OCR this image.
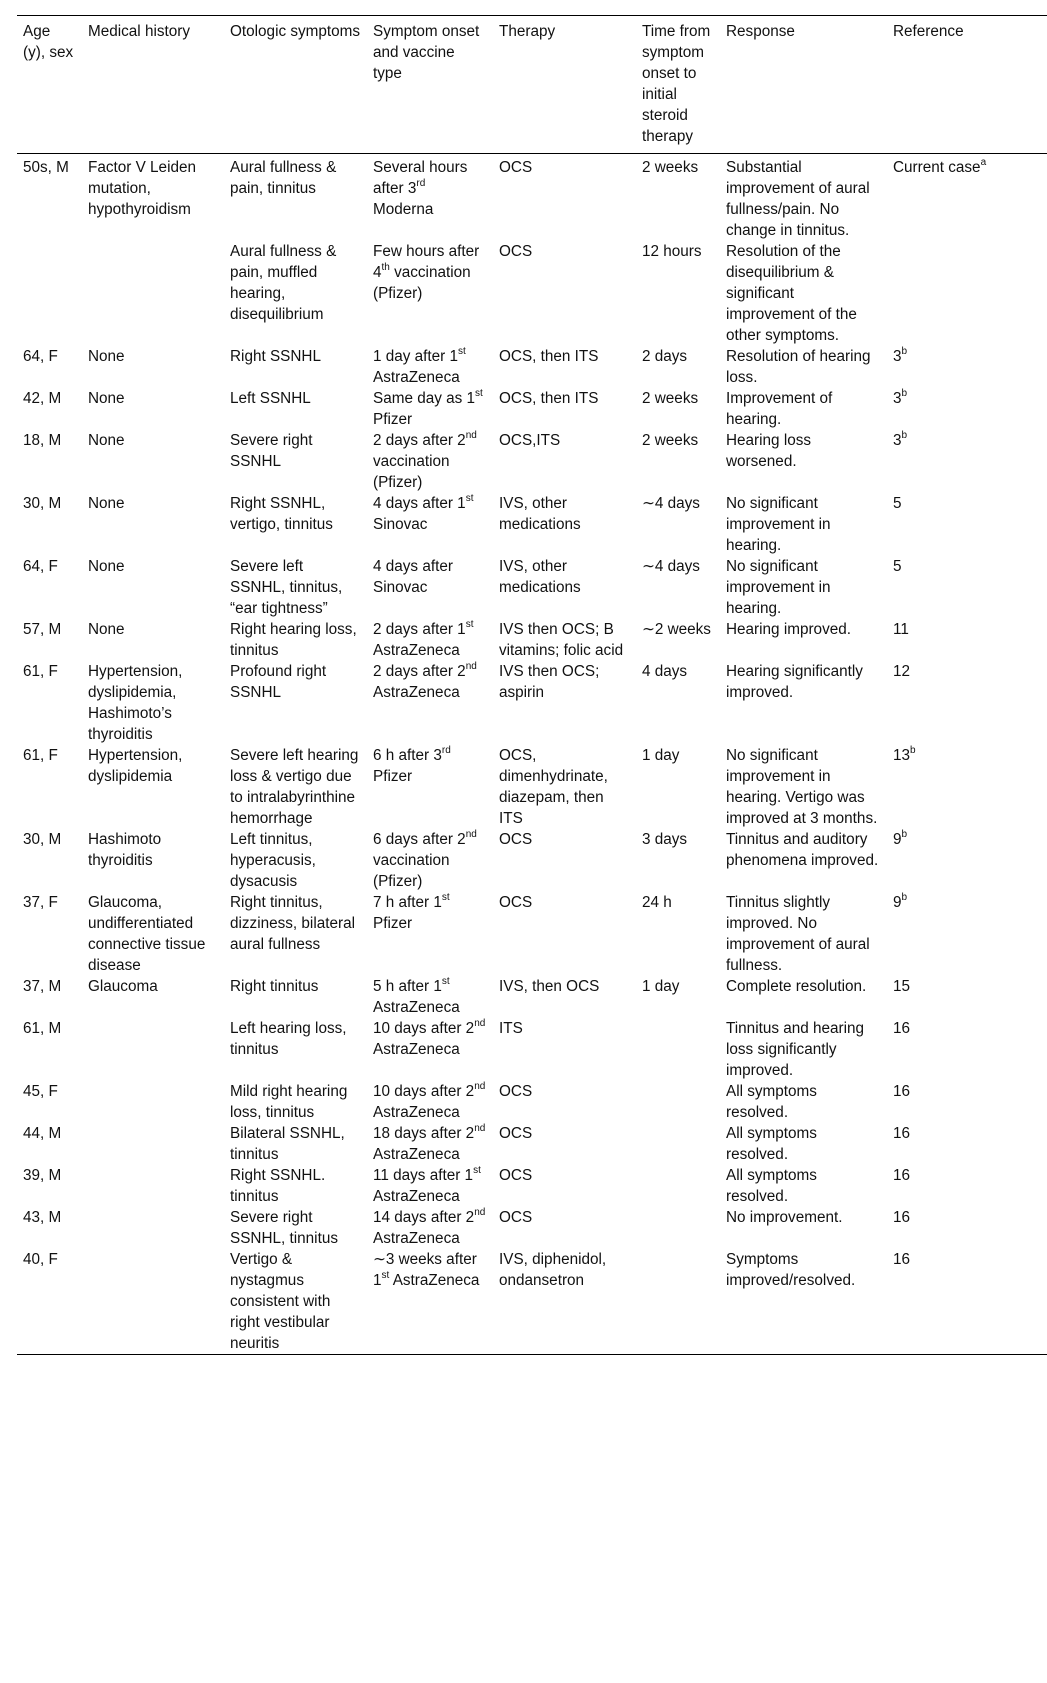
Age (y), sex	Medical history	Otologic symptoms	Symptom onset and vaccine type	Therapy	Time from symptom onset to initial steroid therapy	Response	Reference
50s, M	Factor V Leiden mutation, hypothyroidism	Aural fullness & pain, tinnitus	Several hours after 3rd Moderna	OCS	2 weeks	Substantial improvement of aural fullness/pain. No change in tinnitus.	Current case$^a$
		Aural fullness & pain, muffled hearing, disequilibrium	Few hours after 4th vaccination (Pfizer)	OCS	12 hours	Resolution of the disequilibrium & significant improvement of the other symptoms.	
64, F	None	Right SSNHL	1 day after 1st AstraZeneca	OCS, then ITS	2 days	Resolution of hearing loss.	3$^b$
42, M	None	Left SSNHL	Same day as 1st Pfizer	OCS, then ITS	2 weeks	Improvement of hearing.	3$^b$
18, M	None	Severe right SSNHL	2 days after 2nd vaccination (Pfizer)	OCS,ITS	2 weeks	Hearing loss worsened.	3$^b$
30, M	None	Right SSNHL, vertigo, tinnitus	4 days after 1st Sinovac	IVS, other medications	∼4 days	No significant improvement in hearing.	5
64, F	None	Severe left SSNHL, tinnitus, “ear tightness”	4 days after Sinovac	IVS, other medications	∼4 days	No significant improvement in hearing.	5
57, M	None	Right hearing loss, tinnitus	2 days after 1st AstraZeneca	IVS then OCS; B vitamins; folic acid	∼2 weeks	Hearing improved.	11
61, F	Hypertension, dyslipidemia, Hashimoto’s thyroiditis	Profound right SSNHL	2 days after 2nd AstraZeneca	IVS then OCS; aspirin	4 days	Hearing significantly improved.	12
61, F	Hypertension, dyslipidemia	Severe left hearing loss & vertigo due to intralabyrinthine hemorrhage	6 h after 3rd Pfizer	OCS, dimenhydrinate, diazepam, then ITS	1 day	No significant improvement in hearing. Vertigo was improved at 3 months.	13$^b$
30, M	Hashimoto thyroiditis	Left tinnitus, hyperacusis, dysacusis	6 days after 2nd vaccination (Pfizer)	OCS	3 days	Tinnitus and auditory phenomena improved.	9$^b$
37, F	Glaucoma, undifferentiated connective tissue disease	Right tinnitus, dizziness, bilateral aural fullness	7 h after 1st Pfizer	OCS	24 h	Tinnitus slightly improved. No improvement of aural fullness.	9$^b$
37, M	Glaucoma	Right tinnitus	5 h after 1st AstraZeneca	IVS, then OCS	1 day	Complete resolution.	15
61, M		Left hearing loss, tinnitus	10 days after 2nd AstraZeneca	ITS		Tinnitus and hearing loss significantly improved.	16
45, F		Mild right hearing loss, tinnitus	10 days after 2nd AstraZeneca	OCS		All symptoms resolved.	16
44, M		Bilateral SSNHL, tinnitus	18 days after 2nd AstraZeneca	OCS		All symptoms resolved.	16
39, M		Right SSNHL. tinnitus	11 days after 1st AstraZeneca	OCS		All symptoms resolved.	16
43, M		Severe right SSNHL, tinnitus	14 days after 2nd AstraZeneca	OCS		No improvement.	16
40, F		Vertigo & nystagmus consistent with right vestibular neuritis	∼3 weeks after 1st AstraZeneca	IVS, diphenidol, ondansetron		Symptoms improved/resolved.	16
